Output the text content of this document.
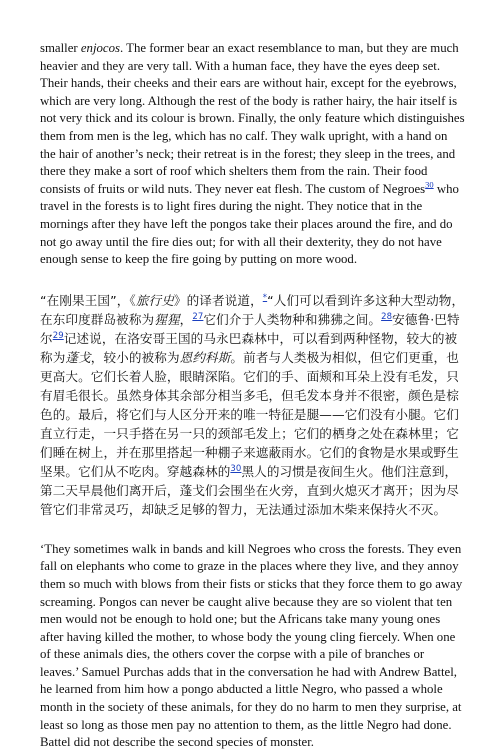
smaller enjocos. The former bear an exact resemblance to man, but they are much heavier and they are very tall. With a human face, they have the eyes deep set. Their hands, their cheeks and their ears are without hair, except for the eyebrows, which are very long. Although the rest of the body is rather hairy, the hair itself is not very thick and its colour is brown. Finally, the only feature which distinguishes them from men is the leg, which has no calf. They walk upright, with a hand on the hair of another’s neck; their retreat is in the forest; they sleep in the trees, and there they make a sort of roof which shelters them from the rain. Their food consists of fruits or wild nuts. They never eat flesh. The custom of Negroes$^{30}$ who travel in the forests is to light fires during the night. They notice that in the mornings after they have left the pongos take their places around the fire, and do not go away until the fire dies out; for with all their dexterity, they do not have enough sense to keep the fire going by putting on more wood.

“在刚果王国”，《旅行史》的译者说道，*“人们可以看到许多这种大型动物，在东印度群岛被称为猩猩，$^{27}$它们介于人类物种和狒狒之间。$^{28}$安德鲁·巴特尔$^{29}$记述说，在洛安哥王国的马永巴森林中，可以看到两种怪物，较大的被称为蓬戈，较小的被称为恩约科斯。前者与人类极为相似，但它们更重，也更高大。它们长着人脸，眼睛深陷。它们的手、面颊和耳朵上没有毛发，只有眉毛很长。虽然身体其余部分相当多毛，但毛发本身并不很密，颜色是棕色的。最后，将它们与人区分开来的唯一特征是腿——它们没有小腿。它们直立行走，一只手搭在另一只的颈部毛发上；它们的栖身之处在森林里；它们睡在树上，并在那里搭起一种棚子来遮蔽雨水。它们的食物是水果或野生坚果。它们从不吃肉。穿越森林的$^{30}$黑人的习惯是夜间生火。他们注意到，第二天早晨他们离开后，蓬戈们会围坐在火旁，直到火熄灭才离开；因为尽管它们非常灵巧，却缺乏足够的智力，无法通过添加木柴来保持火不灭。

‘They sometimes walk in bands and kill Negroes who cross the forests. They even fall on elephants who come to graze in the places where they live, and they annoy them so much with blows from their fists or sticks that they force them to go away screaming. Pongos can never be caught alive because they are so violent that ten men would not be enough to hold one; but the Africans take many young ones after having killed the mother, to whose body the young cling fiercely. When one of these animals dies, the others cover the corpse with a pile of branches or leaves.’ Samuel Purchas adds that in the conversation he had with Andrew Battel, he learned from him how a pongo abducted a little Negro, who passed a whole month in the society of these animals, for they do no harm to men they surprise, at least so long as those men pay no attention to them, as the little Negro had done. Battel did not describe the second species of monster.
